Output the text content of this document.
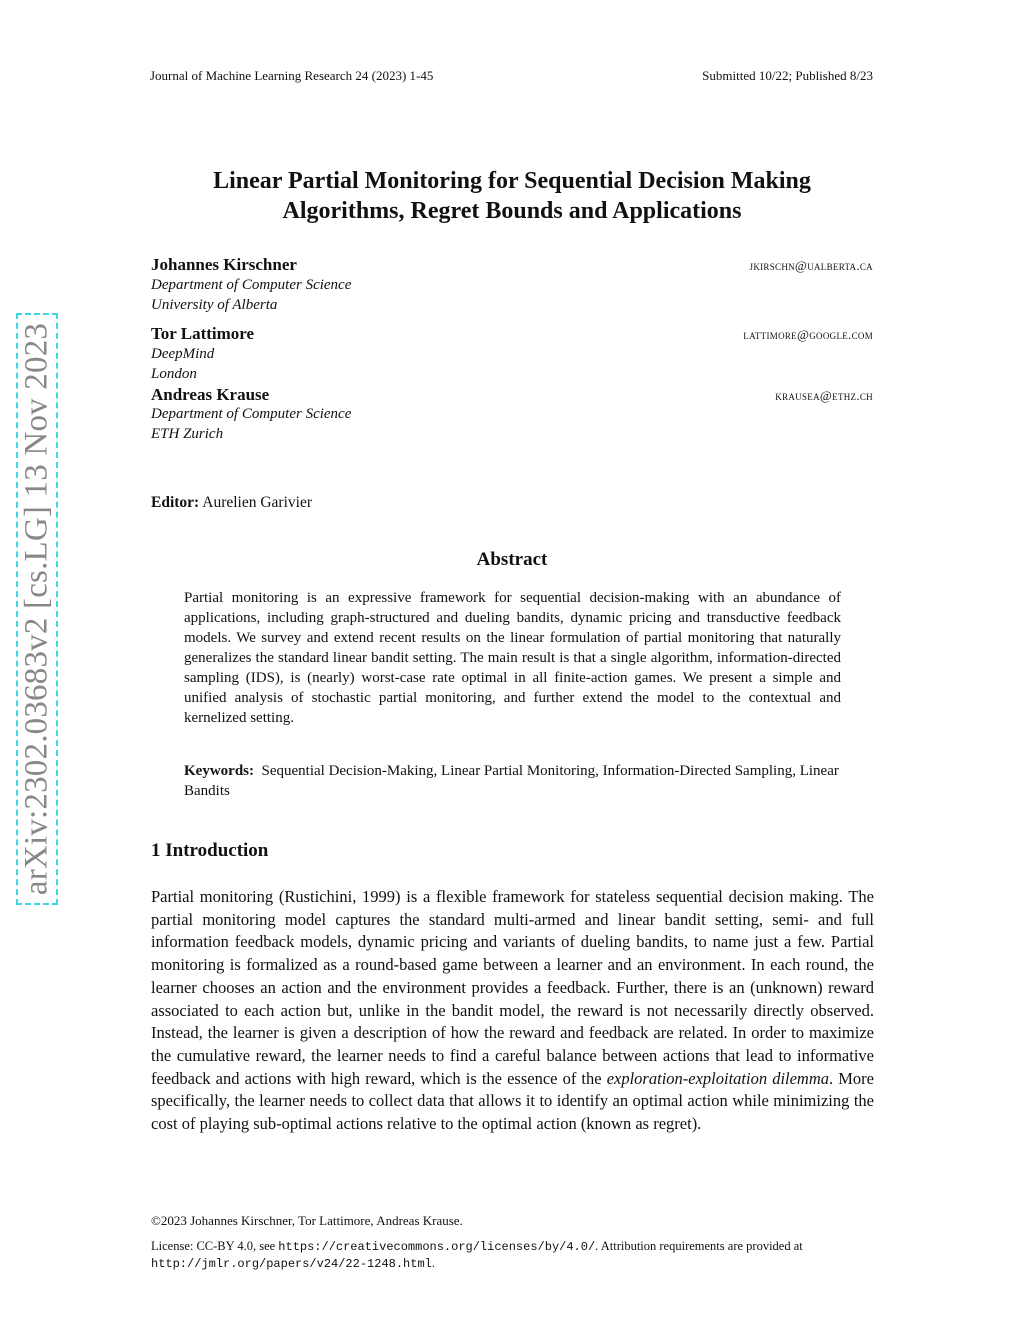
Journal of Machine Learning Research 24 (2023) 1-45	Submitted 10/22; Published 8/23
Linear Partial Monitoring for Sequential Decision Making
Algorithms, Regret Bounds and Applications
Johannes Kirschner	jkirschn@ualberta.ca
Department of Computer Science
University of Alberta
Tor Lattimore	lattimore@google.com
DeepMind
London
Andreas Krause	krausea@ethz.ch
Department of Computer Science
ETH Zurich
Editor: Aurelien Garivier
Abstract
Partial monitoring is an expressive framework for sequential decision-making with an abundance of applications, including graph-structured and dueling bandits, dynamic pricing and transductive feedback models. We survey and extend recent results on the linear formulation of partial monitoring that naturally generalizes the standard linear bandit setting. The main result is that a single algorithm, information-directed sampling (IDS), is (nearly) worst-case rate optimal in all finite-action games. We present a simple and unified analysis of stochastic partial monitoring, and further extend the model to the contextual and kernelized setting.
Keywords: Sequential Decision-Making, Linear Partial Monitoring, Information-Directed Sampling, Linear Bandits
1 Introduction
Partial monitoring (Rustichini, 1999) is a flexible framework for stateless sequential decision making. The partial monitoring model captures the standard multi-armed and linear bandit setting, semi- and full information feedback models, dynamic pricing and variants of dueling bandits, to name just a few. Partial monitoring is formalized as a round-based game between a learner and an environment. In each round, the learner chooses an action and the environment provides a feedback. Further, there is an (unknown) reward associated to each action but, unlike in the bandit model, the reward is not necessarily directly observed. Instead, the learner is given a description of how the reward and feedback are related. In order to maximize the cumulative reward, the learner needs to find a careful balance between actions that lead to informative feedback and actions with high reward, which is the essence of the exploration-exploitation dilemma. More specifically, the learner needs to collect data that allows it to identify an optimal action while minimizing the cost of playing sub-optimal actions relative to the optimal action (known as regret).
©2023 Johannes Kirschner, Tor Lattimore, Andreas Krause.
License: CC-BY 4.0, see https://creativecommons.org/licenses/by/4.0/. Attribution requirements are provided at http://jmlr.org/papers/v24/22-1248.html.
arXiv:2302.03683v2 [cs.LG] 13 Nov 2023
